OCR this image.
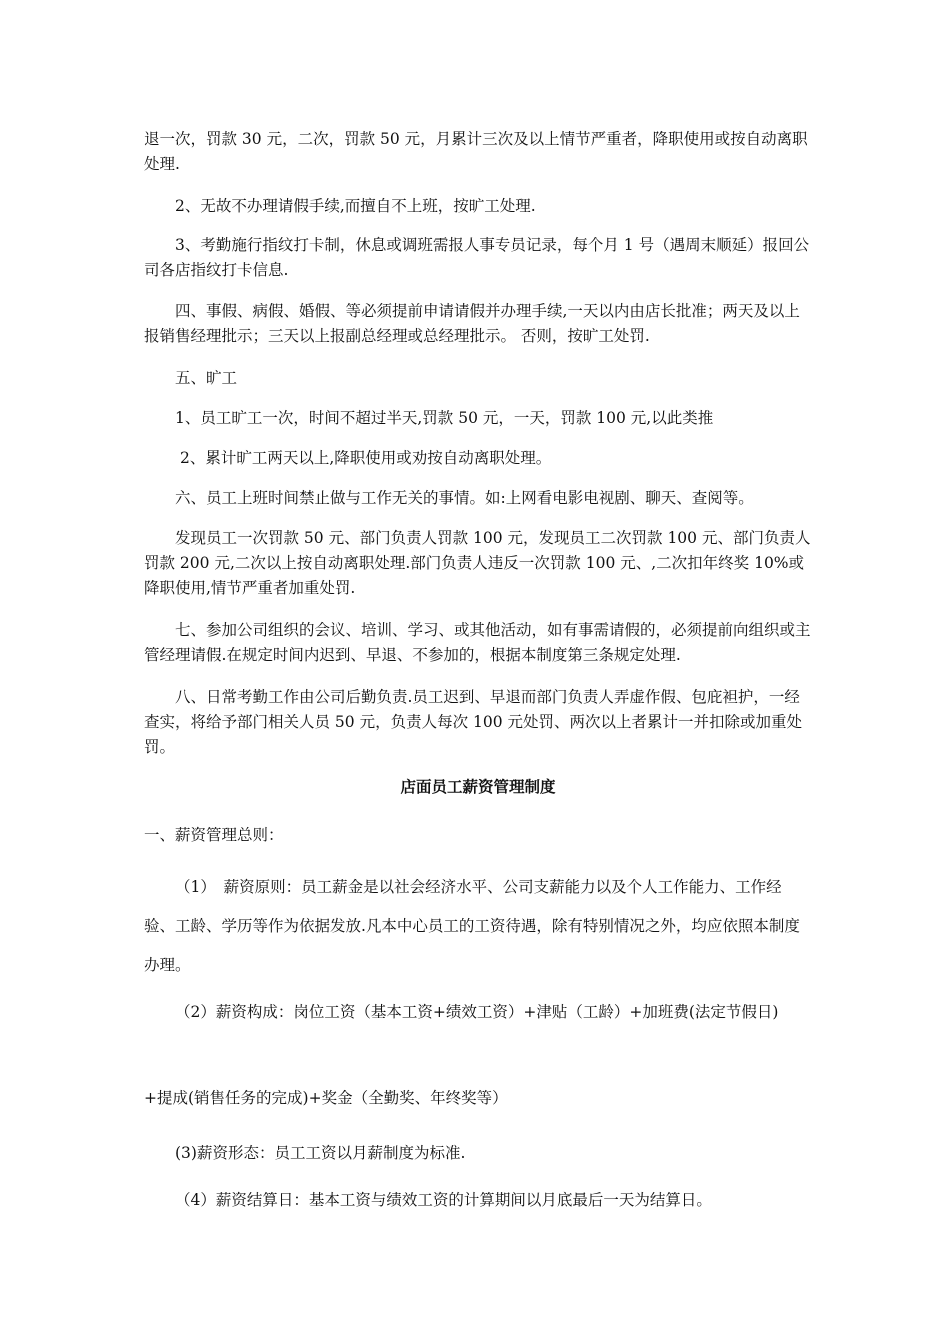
退一次，罚款 30 元，二次，罚款 50 元，月累计三次及以上情节严重者，降职使用或按自动离职处理.

2、无故不办理请假手续,而擅自不上班，按旷工处理.

3、考勤施行指纹打卡制，休息或调班需报人事专员记录，每个月 1 号（遇周末顺延）报回公司各店指纹打卡信息.

四、事假、病假、婚假、等必须提前申请请假并办理手续,一天以内由店长批准；两天及以上报销售经理批示；三天以上报副总经理或总经理批示。 否则，按旷工处罚.

五、旷工

1、员工旷工一次，时间不超过半天,罚款 50 元，一天，罚款 100 元,以此类推

2、累计旷工两天以上,降职使用或劝按自动离职处理。

六、员工上班时间禁止做与工作无关的事情。如:上网看电影电视剧、聊天、查阅等。

发现员工一次罚款 50 元、部门负责人罚款 100 元，发现员工二次罚款 100 元、部门负责人罚款 200 元,二次以上按自动离职处理.部门负责人违反一次罚款 100 元、,二次扣年终奖 10%或降职使用,情节严重者加重处罚.

七、参加公司组织的会议、培训、学习、或其他活动，如有事需请假的，必须提前向组织或主管经理请假.在规定时间内迟到、早退、不参加的，根据本制度第三条规定处理.

八、日常考勤工作由公司后勤负责.员工迟到、早退而部门负责人弄虚作假、包庇袒护，一经查实，将给予部门相关人员 50 元，负责人每次 100 元处罚、两次以上者累计一并扣除或加重处罚。

店面员工薪资管理制度

一、薪资管理总则：

（1）　薪资原则：员工薪金是以社会经济水平、公司支薪能力以及个人工作能力、工作经验、工龄、学历等作为依据发放.凡本中心员工的工资待遇，除有特别情况之外，均应依照本制度办理。

（2）薪资构成：岗位工资（基本工资+绩效工资）+津贴（工龄）+加班费(法定节假日)

+提成(销售任务的完成)+奖金（全勤奖、年终奖等）

(3)薪资形态：员工工资以月薪制度为标准.

（4）薪资结算日：基本工资与绩效工资的计算期间以月底最后一天为结算日。
